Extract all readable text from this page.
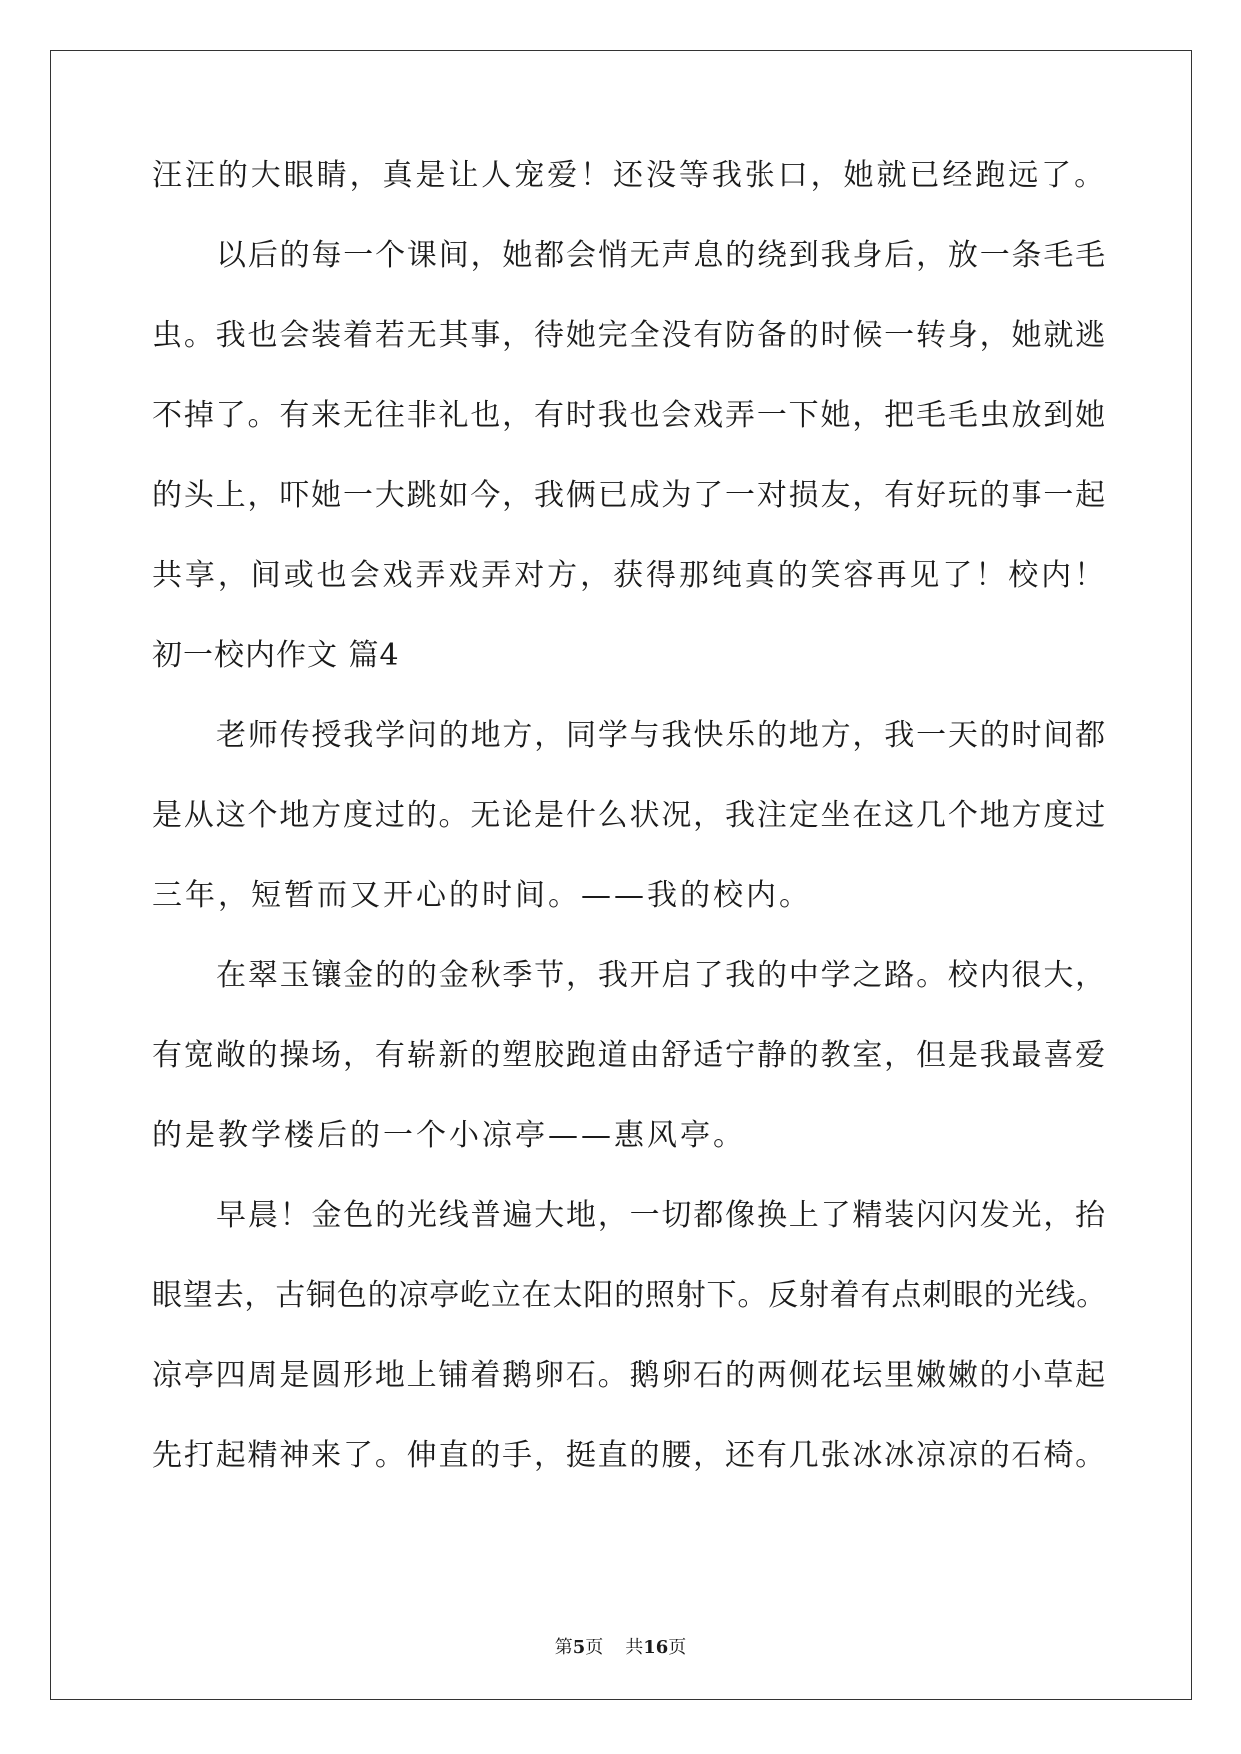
汪汪的大眼睛，真是让人宠爱！还没等我张口，她就已经跑远了。
以后的每一个课间，她都会悄无声息的绕到我身后，放一条毛毛
虫。我也会装着若无其事，待她完全没有防备的时候一转身，她就逃
不掉了。有来无往非礼也，有时我也会戏弄一下她，把毛毛虫放到她
的头上，吓她一大跳如今，我俩已成为了一对损友，有好玩的事一起
共享，间或也会戏弄戏弄对方，获得那纯真的笑容再见了！校内！
初一校内作文 篇4
老师传授我学问的地方，同学与我快乐的地方，我一天的时间都
是从这个地方度过的。无论是什么状况，我注定坐在这几个地方度过
三年，短暂而又开心的时间。——我的校内。
在翠玉镶金的的金秋季节，我开启了我的中学之路。校内很大，
有宽敞的操场，有崭新的塑胶跑道由舒适宁静的教室，但是我最喜爱
的是教学楼后的一个小凉亭——惠风亭。
早晨！金色的光线普遍大地，一切都像换上了精装闪闪发光，抬
眼望去，古铜色的凉亭屹立在太阳的照射下。反射着有点刺眼的光线。
凉亭四周是圆形地上铺着鹅卵石。鹅卵石的两侧花坛里嫩嫩的小草起
先打起精神来了。伸直的手，挺直的腰，还有几张冰冰凉凉的石椅。
第5页 共16页
